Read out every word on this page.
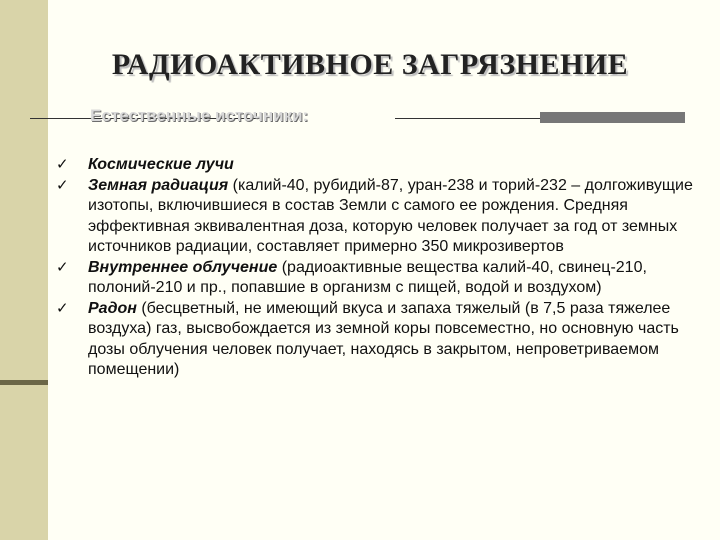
РАДИОАКТИВНОЕ ЗАГРЯЗНЕНИЕ
Естественные источники:
✓ Космические лучи
✓ Земная радиация (калий-40, рубидий-87, уран-238 и торий-232 – долгоживущие изотопы, включившиеся в состав Земли с самого ее рождения. Средняя эффективная эквивалентная доза, которую человек получает за год от земных источников радиации, составляет примерно 350 микрозивертов
✓ Внутреннее облучение (радиоактивные вещества калий-40, свинец-210, полоний-210 и пр., попавшие в организм с пищей, водой и воздухом)
✓ Радон (бесцветный, не имеющий вкуса и запаха тяжелый (в 7,5 раза тяжелее воздуха) газ, высвобождается из земной коры повсеместно, но основную часть дозы облучения человек получает, находясь в закрытом, непроветриваемом помещении)
